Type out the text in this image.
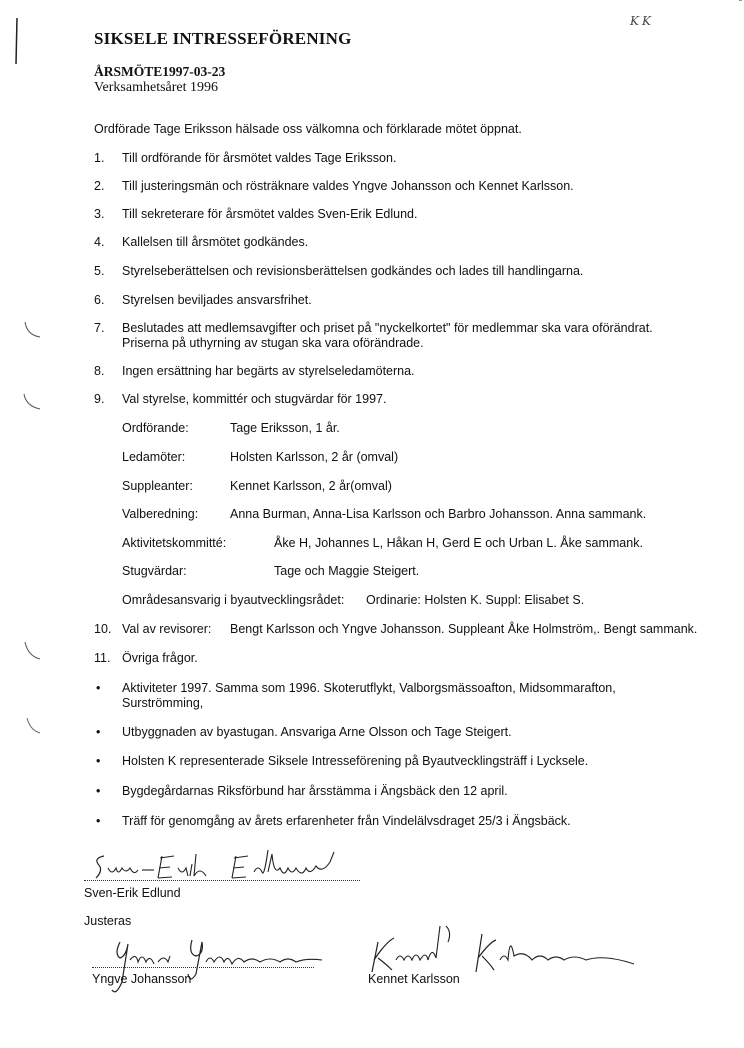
KK
SIKSELE INTRESSEFÖRENING
ÅRSMÖTE1997-03-23
Verksamhetsåret 1996
Ordförade Tage Eriksson hälsade oss välkomna och förklarade mötet öppnat.
1. Till ordförande för årsmötet valdes Tage Eriksson.
2. Till justeringsmän och rösträknare valdes Yngve Johansson och Kennet Karlsson.
3. Till sekreterare för årsmötet valdes Sven-Erik Edlund.
4. Kallelsen till årsmötet godkändes.
5. Styrelseberättelsen och revisionsberättelsen godkändes och lades till handlingarna.
6. Styrelsen beviljades ansvarsfrihet.
7. Beslutades att medlemsavgifter och priset på "nyckelkortet" för medlemmar ska vara oförändrat.
Priserna på uthyrning av stugan ska vara oförändrade.
8. Ingen ersättning har begärts av styrelseledamöterna.
9. Val styrelse, kommittér och stugvärdar för 1997.
Ordförande:	Tage Eriksson, 1 år.
Ledamöter:	Holsten Karlsson, 2 år (omval)
Suppleanter:	Kennet Karlsson, 2 år(omval)
Valberedning:	Anna Burman, Anna-Lisa Karlsson och Barbro Johansson. Anna sammank.
Aktivitetskommitté:	Åke H, Johannes L, Håkan H, Gerd E och Urban L. Åke sammank.
Stugvärdar:	Tage och Maggie Steigert.
Områdesansvarig i byautvecklingsrådet: Ordinarie: Holsten K. Suppl: Elisabet S.
10. Val av revisorer: Bengt Karlsson och Yngve Johansson. Suppleant Åke Holmström,. Bengt sammank.
11. Övriga frågor.
• Aktiviteter 1997. Samma som 1996. Skoterutflykt, Valborgsmässoafton, Midsommarafton,
Surströmming,
• Utbyggnaden av byastugan. Ansvariga Arne Olsson och Tage Steigert.
• Holsten K representerade Siksele Intresseförening på Byautvecklingsträff i Lycksele.
• Bygdegårdarnas Riksförbund har årsstämma i Ängsbäck den 12 april.
• Träff för genomgång av årets erfarenheter från Vindelälvsdraget 25/3 i Ängsbäck.
Sven-Erik Edlund
Justeras
Yngve Johansson	Kennet Karlsson
